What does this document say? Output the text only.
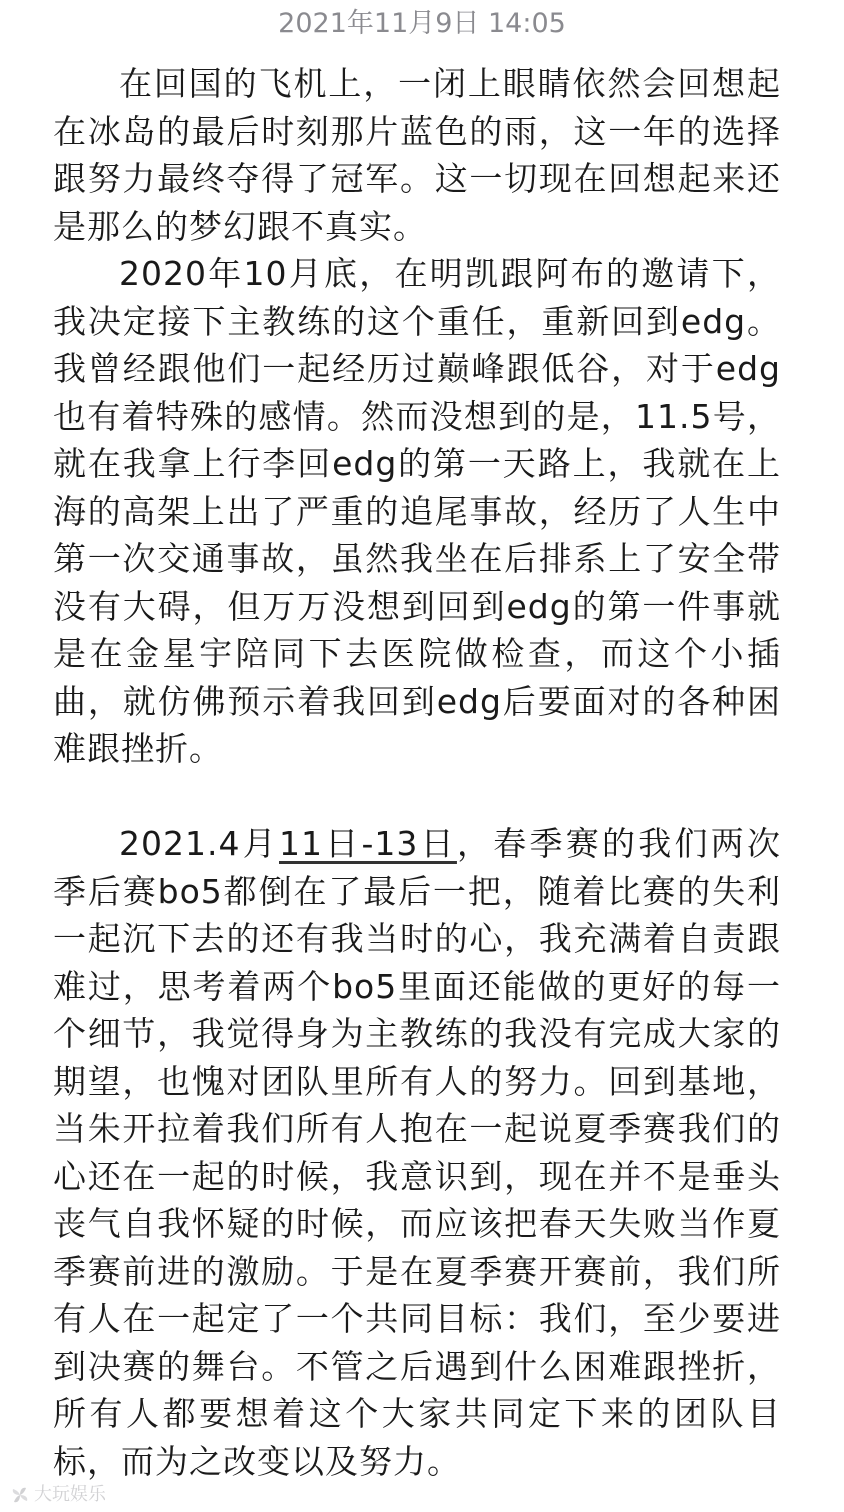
2021年11月9日 14:05

在回国的飞机上，一闭上眼睛依然会回想起在冰岛的最后时刻那片蓝色的雨，这一年的选择跟努力最终夺得了冠军。这一切现在回想起来还是那么的梦幻跟不真实。

2020年10月底，在明凯跟阿布的邀请下，我决定接下主教练的这个重任，重新回到edg。我曾经跟他们一起经历过巅峰跟低谷，对于edg也有着特殊的感情。然而没想到的是，11.5号，就在我拿上行李回edg的第一天路上，我就在上海的高架上出了严重的追尾事故，经历了人生中第一次交通事故，虽然我坐在后排系上了安全带没有大碍，但万万没想到回到edg的第一件事就是在金星宇陪同下去医院做检查，而这个小插曲，就仿佛预示着我回到edg后要面对的各种困难跟挫折。

2021.4月11日-13日，春季赛的我们两次季后赛bo5都倒在了最后一把，随着比赛的失利一起沉下去的还有我当时的心，我充满着自责跟难过，思考着两个bo5里面还能做的更好的每一个细节，我觉得身为主教练的我没有完成大家的期望，也愧对团队里所有人的努力。回到基地，当朱开拉着我们所有人抱在一起说夏季赛我们的心还在一起的时候，我意识到，现在并不是垂头丧气自我怀疑的时候，而应该把春天失败当作夏季赛前进的激励。于是在夏季赛开赛前，我们所有人在一起定了一个共同目标：我们，至少要进到决赛的舞台。不管之后遇到什么困难跟挫折，所有人都要想着这个大家共同定下来的团队目标，而为之改变以及努力。

大玩娱乐
